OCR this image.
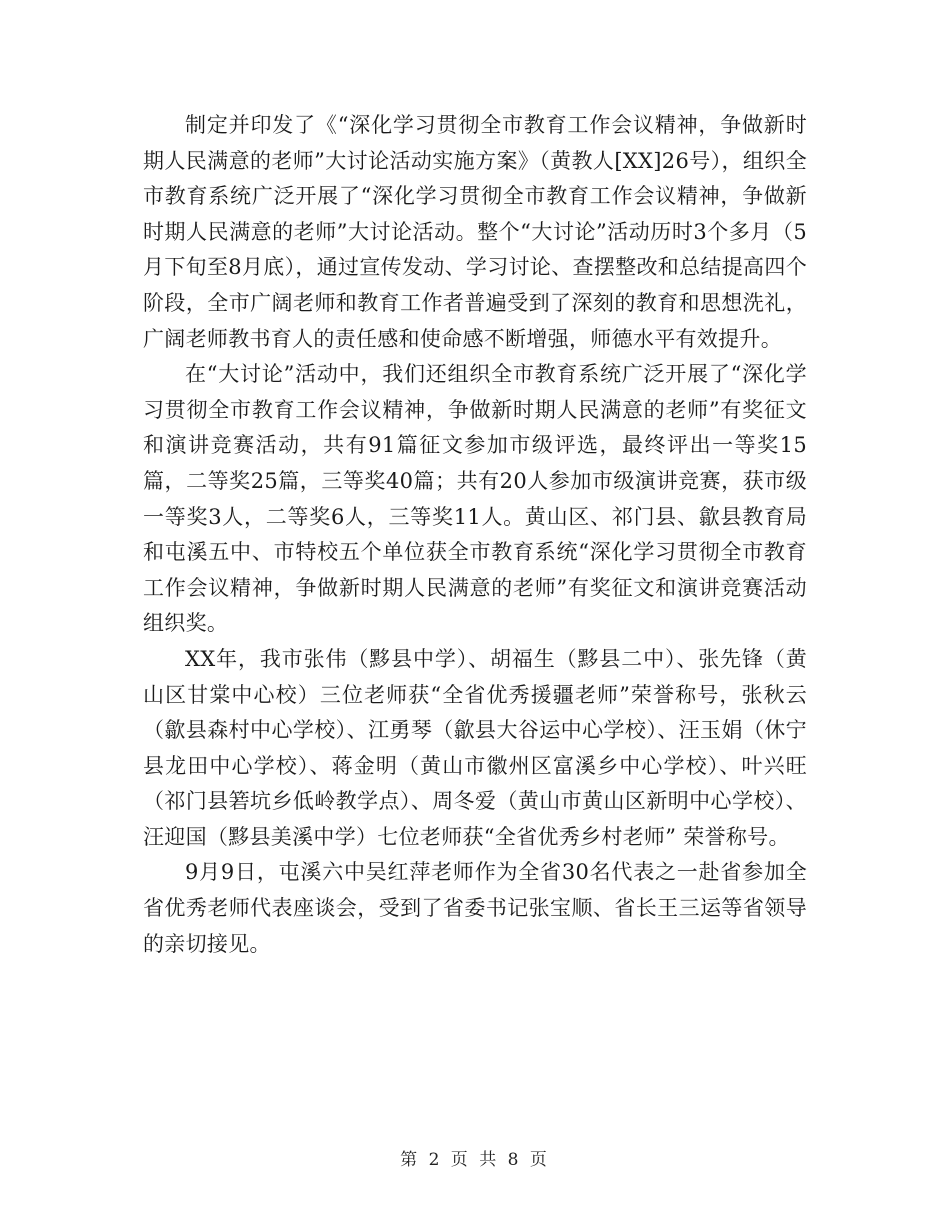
制定并印发了《“深化学习贯彻全市教育工作会议精神，争做新时期人民满意的老师”大讨论活动实施方案》（黄教人[XX]26号），组织全市教育系统广泛开展了“深化学习贯彻全市教育工作会议精神，争做新时期人民满意的老师”大讨论活动。整个“大讨论”活动历时3个多月（5月下旬至8月底），通过宣传发动、学习讨论、查摆整改和总结提高四个阶段，全市广阔老师和教育工作者普遍受到了深刻的教育和思想洗礼，广阔老师教书育人的责任感和使命感不断增强，师德水平有效提升。

在“大讨论”活动中，我们还组织全市教育系统广泛开展了“深化学习贯彻全市教育工作会议精神，争做新时期人民满意的老师”有奖征文和演讲竞赛活动，共有91篇征文参加市级评选，最终评出一等奖15篇，二等奖25篇，三等奖40篇；共有20人参加市级演讲竞赛，获市级一等奖3人，二等奖6人，三等奖11人。黄山区、祁门县、歙县教育局和屯溪五中、市特校五个单位获全市教育系统“深化学习贯彻全市教育工作会议精神，争做新时期人民满意的老师”有奖征文和演讲竞赛活动组织奖。

XX年，我市张伟（黟县中学）、胡福生（黟县二中）、张先锋（黄山区甘棠中心校）三位老师获“全省优秀援疆老师”荣誉称号，张秋云（歙县森村中心学校）、江勇琴（歙县大谷运中心学校）、汪玉娟（休宁县龙田中心学校）、蒋金明（黄山市徽州区富溪乡中心学校）、叶兴旺（祁门县箬坑乡低岭教学点）、周冬爱（黄山市黄山区新明中心学校）、汪迎国（黟县美溪中学）七位老师获“全省优秀乡村老师” 荣誉称号。

9月9日，屯溪六中吴红萍老师作为全省30名代表之一赴省参加全省优秀老师代表座谈会，受到了省委书记张宝顺、省长王三运等省领导的亲切接见。

第 2 页 共 8 页
